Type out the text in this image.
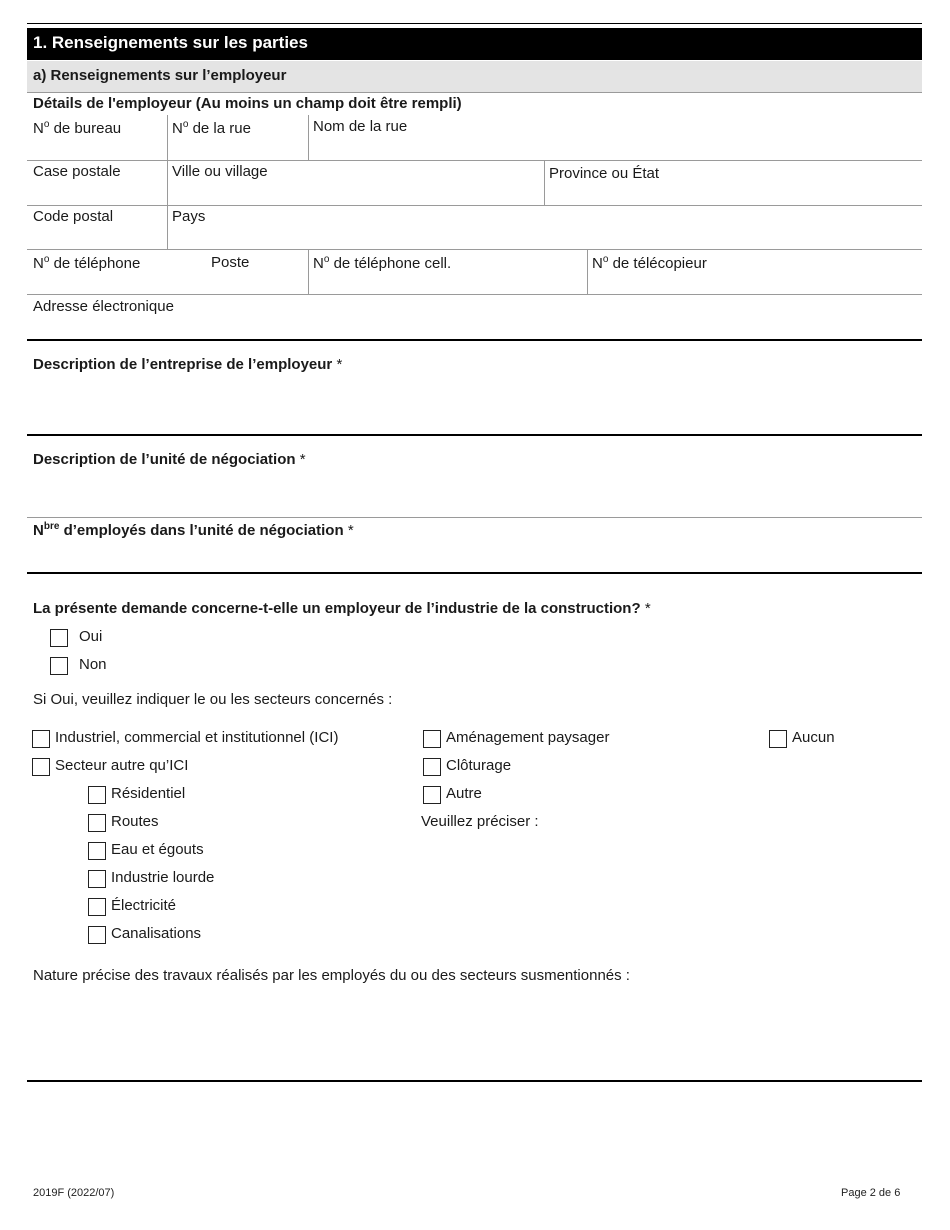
1. Renseignements sur les parties
a) Renseignements sur l’employeur
Détails de l'employeur (Au moins un champ doit être rempli)
$N^o$ de bureau	$N^o$ de la rue	Nom de la rue
Case postale	Ville ou village	Province ou État
Code postal	Pays
$N^o$ de téléphone	Poste	$N^o$ de téléphone cell.	$N^o$ de télécopieur
Adresse électronique
Description de l’entreprise de l’employeur *
Description de l’unité de négociation *
$N^{bre}$ d’employés dans l’unité de négociation *
La présente demande concerne-t-elle un employeur de l’industrie de la construction? *
Oui
Non
Si Oui, veuillez indiquer le ou les secteurs concernés :
Industriel, commercial et institutionnel (ICI)
Secteur autre qu’ICI
Résidentiel
Routes
Eau et égouts
Industrie lourde
Électricité
Canalisations
Aménagement paysager
Clôturage
Autre
Veuillez préciser :
Aucun
Nature précise des travaux réalisés par les employés du ou des secteurs susmentionnés :
2019F (2022/07)	Page 2 de 6
